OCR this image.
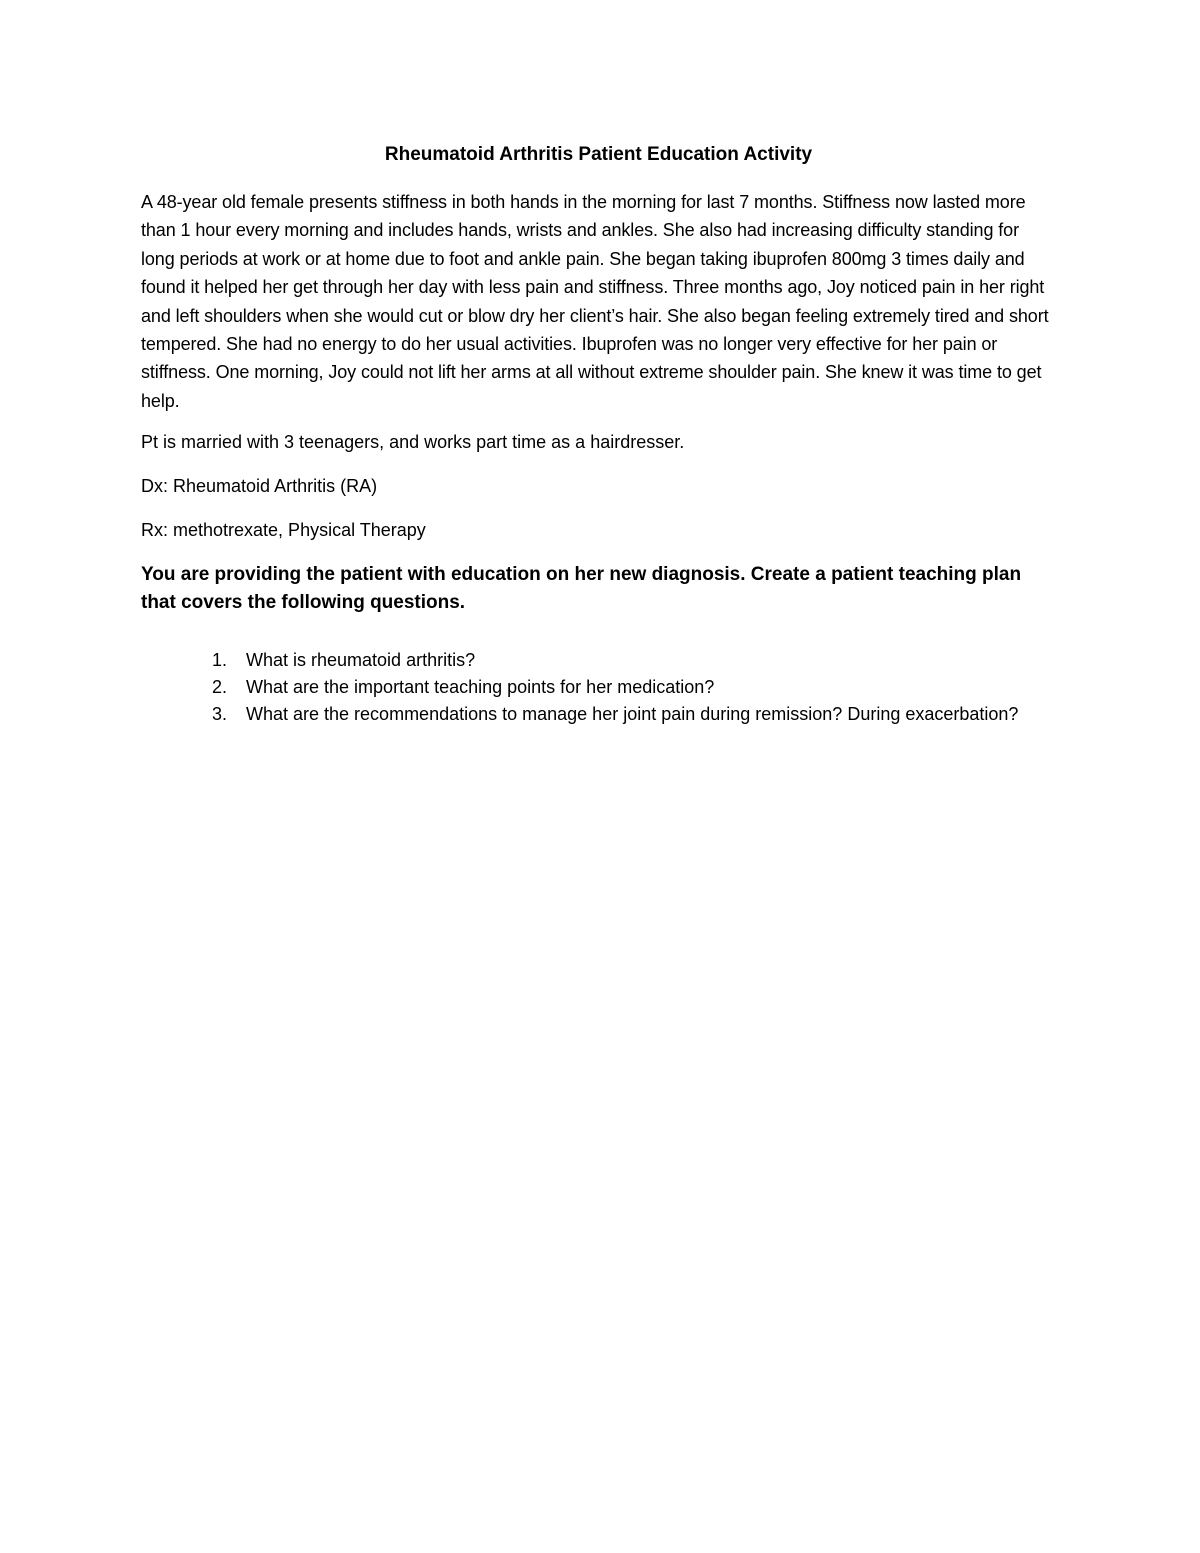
Rheumatoid Arthritis Patient Education Activity

A 48-year old female presents stiffness in both hands in the morning for last 7 months. Stiffness now lasted more than 1 hour every morning and includes hands, wrists and ankles. She also had increasing difficulty standing for long periods at work or at home due to foot and ankle pain. She began taking ibuprofen 800mg 3 times daily and found it helped her get through her day with less pain and stiffness. Three months ago, Joy noticed pain in her right and left shoulders when she would cut or blow dry her client’s hair. She also began feeling extremely tired and short tempered. She had no energy to do her usual activities. Ibuprofen was no longer very effective for her pain or stiffness. One morning, Joy could not lift her arms at all without extreme shoulder pain. She knew it was time to get help.

Pt is married with 3 teenagers, and works part time as a hairdresser.

Dx: Rheumatoid Arthritis (RA)

Rx: methotrexate, Physical Therapy

You are providing the patient with education on her new diagnosis. Create a patient teaching plan that covers the following questions.

1. What is rheumatoid arthritis?
2. What are the important teaching points for her medication?
3. What are the recommendations to manage her joint pain during remission? During exacerbation?
